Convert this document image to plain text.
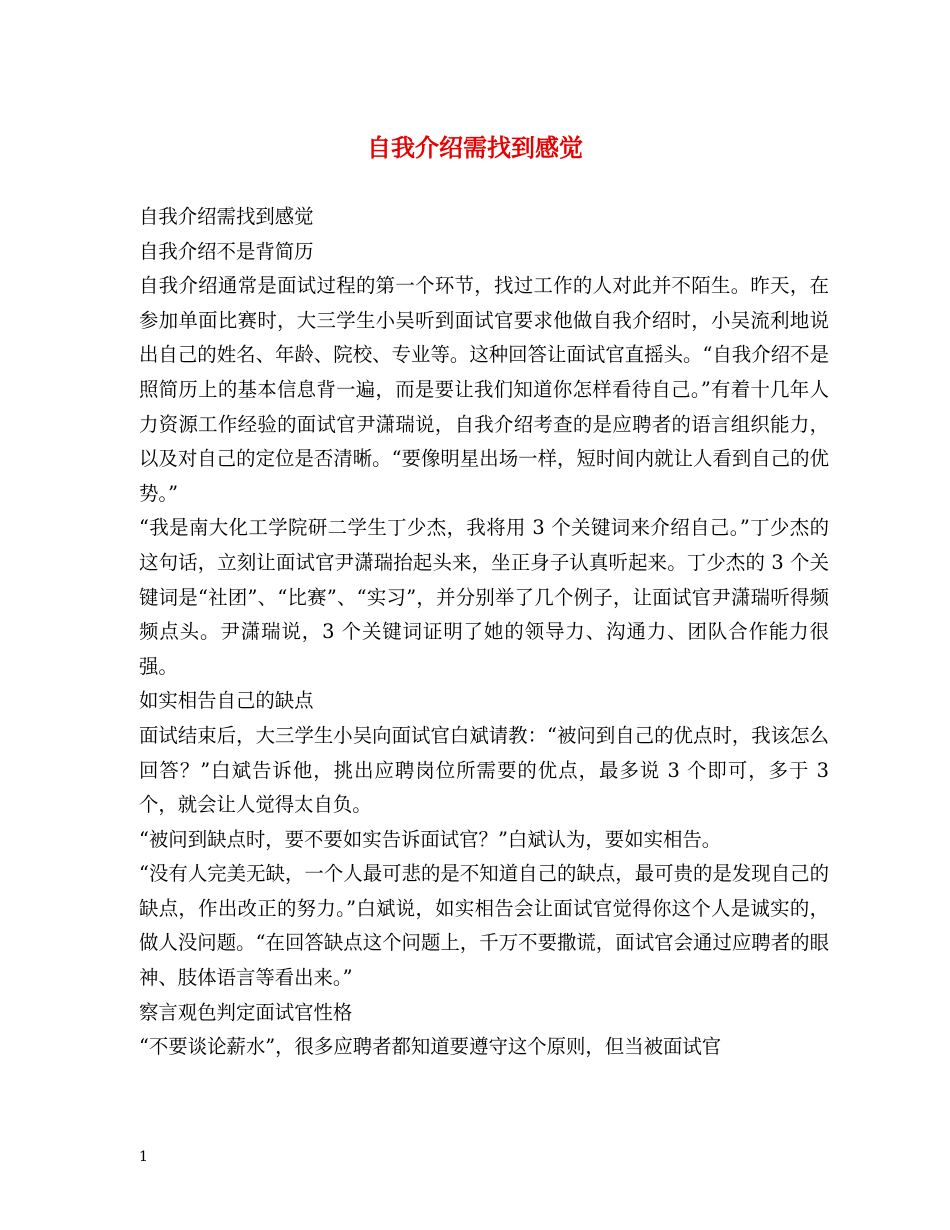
自我介绍需找到感觉

自我介绍需找到感觉

自我介绍不是背简历

自我介绍通常是面试过程的第一个环节，找过工作的人对此并不陌生。昨天，在参加单面比赛时，大三学生小吴听到面试官要求他做自我介绍时，小吴流利地说出自己的姓名、年龄、院校、专业等。这种回答让面试官直摇头。“自我介绍不是照简历上的基本信息背一遍，而是要让我们知道你怎样看待自己。”有着十几年人力资源工作经验的面试官尹潇瑞说，自我介绍考查的是应聘者的语言组织能力，以及对自己的定位是否清晰。“要像明星出场一样，短时间内就让人看到自己的优势。”

“我是南大化工学院研二学生丁少杰，我将用 3 个关键词来介绍自己。”丁少杰的这句话，立刻让面试官尹潇瑞抬起头来，坐正身子认真听起来。丁少杰的 3 个关键词是“社团”、“比赛”、“实习”，并分别举了几个例子，让面试官尹潇瑞听得频频点头。尹潇瑞说，3 个关键词证明了她的领导力、沟通力、团队合作能力很强。

如实相告自己的缺点

面试结束后，大三学生小吴向面试官白斌请教：“被问到自己的优点时，我该怎么回答？”白斌告诉他，挑出应聘岗位所需要的优点，最多说 3 个即可，多于 3 个，就会让人觉得太自负。

“被问到缺点时，要不要如实告诉面试官？”白斌认为，要如实相告。

“没有人完美无缺，一个人最可悲的是不知道自己的缺点，最可贵的是发现自己的缺点，作出改正的努力。”白斌说，如实相告会让面试官觉得你这个人是诚实的，做人没问题。“在回答缺点这个问题上，千万不要撒谎，面试官会通过应聘者的眼神、肢体语言等看出来。”

察言观色判定面试官性格

“不要谈论薪水”，很多应聘者都知道要遵守这个原则，但当被面试官

1
